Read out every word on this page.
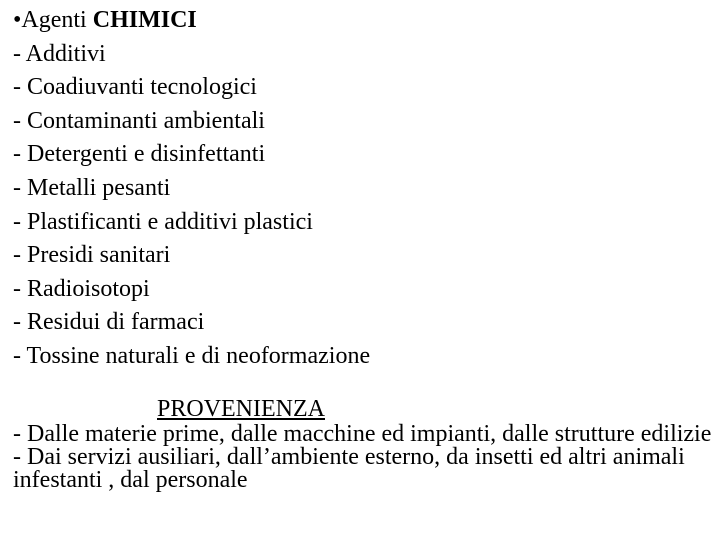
•Agenti CHIMICI
- Additivi
- Coadiuvanti tecnologici
- Contaminanti ambientali
- Detergenti e disinfettanti
- Metalli pesanti
- Plastificanti e additivi plastici
- Presidi sanitari
- Radioisotopi
- Residui di farmaci
- Tossine naturali e di neoformazione
PROVENIENZA
- Dalle materie prime, dalle macchine ed impianti, dalle strutture edilizie
- Dai servizi ausiliari, dall’ambiente esterno, da insetti ed altri animali infestanti , dal personale
